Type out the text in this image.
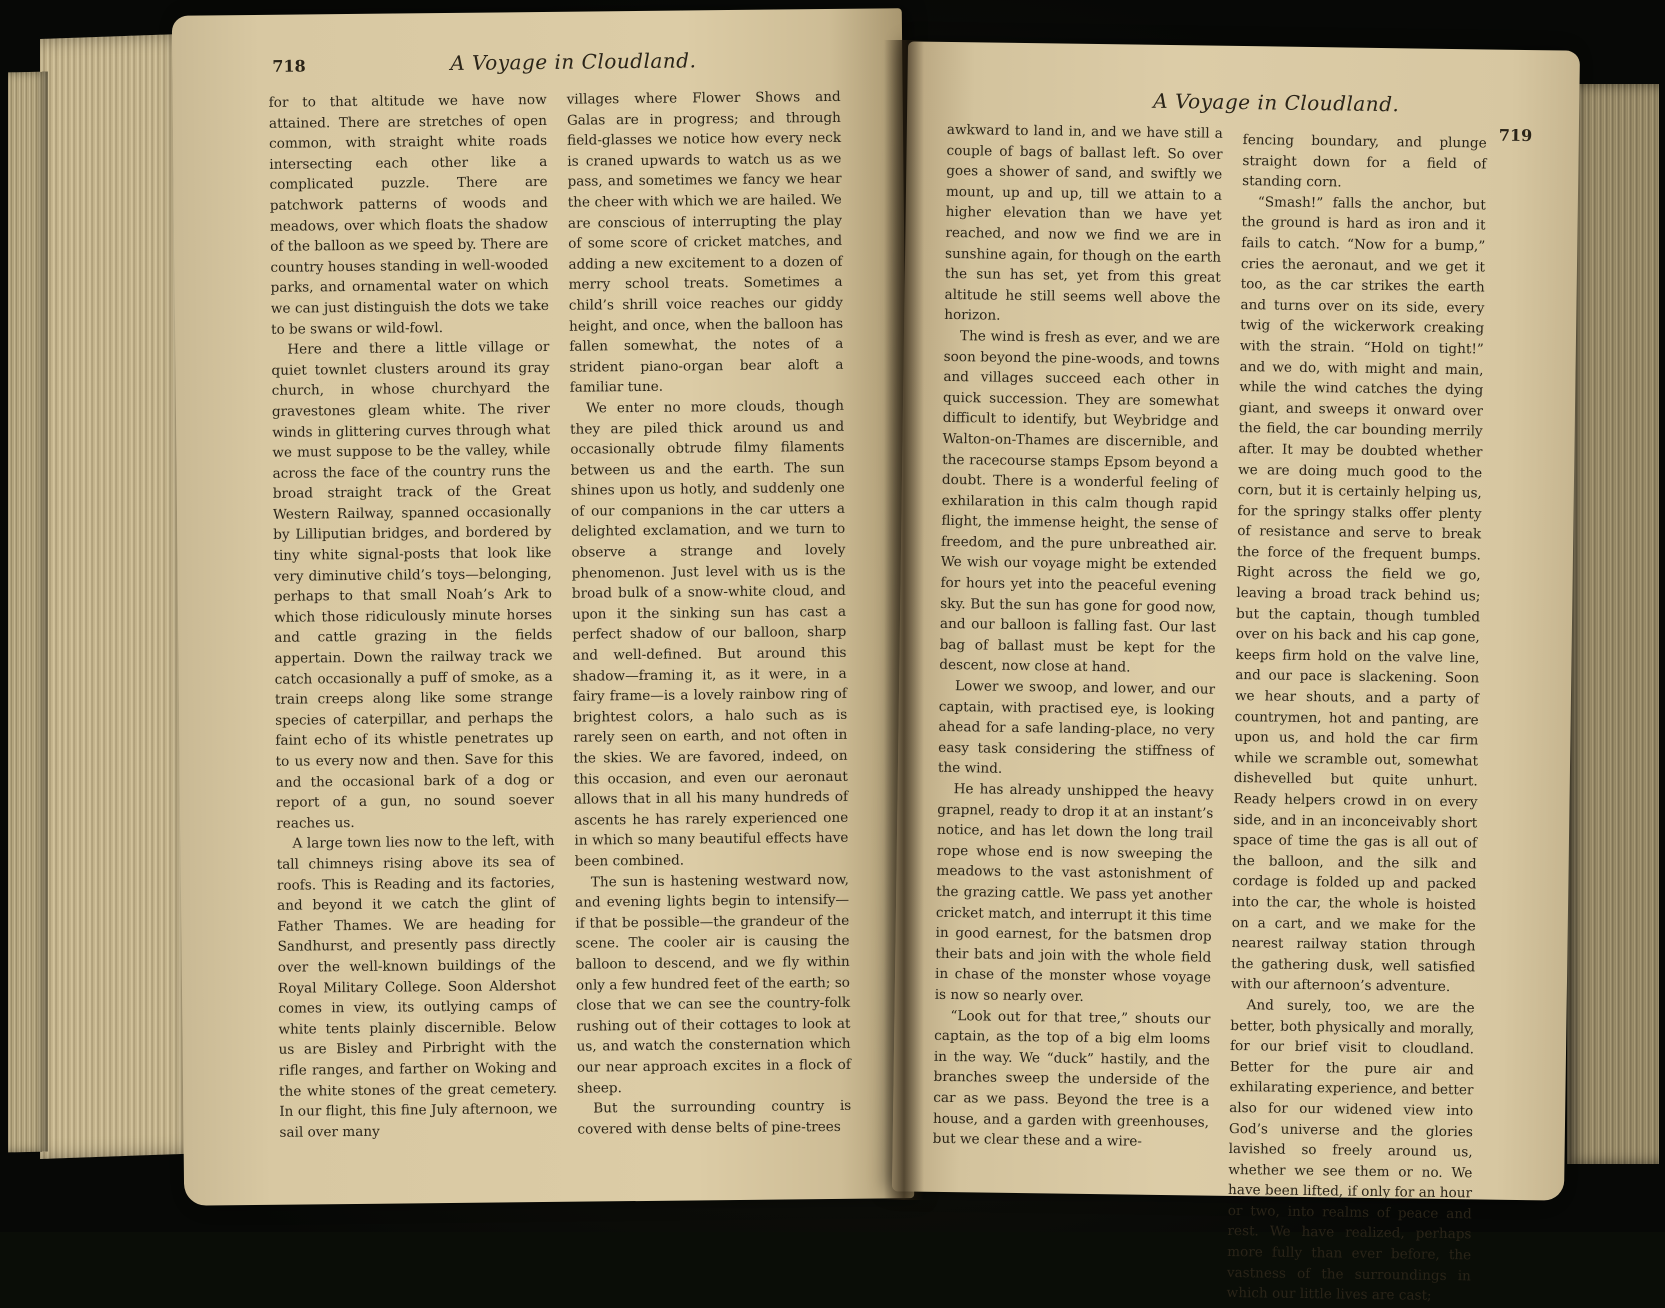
718	A Voyage in Cloudland.

for to that altitude we have now attained. There are stretches of open common, with straight white roads intersecting each other like a complicated puzzle. There are patchwork patterns of woods and meadows, over which floats the shadow of the balloon as we speed by. There are country houses standing in well-wooded parks, and ornamental water on which we can just distinguish the dots we take to be swans or wild-fowl.

Here and there a little village or quiet townlet clusters around its gray church, in whose churchyard the gravestones gleam white. The river winds in glittering curves through what we must suppose to be the valley, while across the face of the country runs the broad straight track of the Great Western Railway, spanned occasionally by Lilliputian bridges, and bordered by tiny white signal-posts that look like very diminutive child’s toys—belonging, perhaps to that small Noah’s Ark to which those ridiculously minute horses and cattle grazing in the fields appertain. Down the railway track we catch occasionally a puff of smoke, as a train creeps along like some strange species of caterpillar, and perhaps the faint echo of its whistle penetrates up to us every now and then. Save for this and the occasional bark of a dog or report of a gun, no sound soever reaches us.

A large town lies now to the left, with tall chimneys rising above its sea of roofs. This is Reading and its factories, and beyond it we catch the glint of Father Thames. We are heading for Sandhurst, and presently pass directly over the well-known buildings of the Royal Military College. Soon Aldershot comes in view, its outlying camps of white tents plainly discernible. Below us are Bisley and Pirbright with the rifle ranges, and farther on Woking and the white stones of the great cemetery. In our flight, this fine July afternoon, we sail over many

villages where Flower Shows and Galas are in progress; and through field-glasses we notice how every neck is craned upwards to watch us as we pass, and sometimes we fancy we hear the cheer with which we are hailed. We are conscious of interrupting the play of some score of cricket matches, and adding a new excitement to a dozen of merry school treats. Sometimes a child’s shrill voice reaches our giddy height, and once, when the balloon has fallen somewhat, the notes of a strident piano-organ bear aloft a familiar tune.

We enter no more clouds, though they are piled thick around us and occasionally obtrude filmy filaments between us and the earth. The sun shines upon us hotly, and suddenly one of our companions in the car utters a delighted exclamation, and we turn to observe a strange and lovely phenomenon. Just level with us is the broad bulk of a snow-white cloud, and upon it the sinking sun has cast a perfect shadow of our balloon, sharp and well-defined. But around this shadow—framing it, as it were, in a fairy frame—is a lovely rainbow ring of brightest colors, a halo such as is rarely seen on earth, and not often in the skies. We are favored, indeed, on this occasion, and even our aeronaut allows that in all his many hundreds of ascents he has rarely experienced one in which so many beautiful effects have been combined.

The sun is hastening westward now, and evening lights begin to intensify—if that be possible—the grandeur of the scene. The cooler air is causing the balloon to descend, and we fly within only a few hundred feet of the earth; so close that we can see the country-folk rushing out of their cottages to look at us, and watch the consternation which our near approach excites in a flock of sheep.

But the surrounding country is covered with dense belts of pine-trees

A Voyage in Cloudland.
719

awkward to land in, and we have still a couple of bags of ballast left. So over goes a shower of sand, and swiftly we mount, up and up, till we attain to a higher elevation than we have yet reached, and now we find we are in sunshine again, for though on the earth the sun has set, yet from this great altitude he still seems well above the horizon.

The wind is fresh as ever, and we are soon beyond the pine-woods, and towns and villages succeed each other in quick succession. They are somewhat difficult to identify, but Weybridge and Walton-on-Thames are discernible, and the racecourse stamps Epsom beyond a doubt. There is a wonderful feeling of exhilaration in this calm though rapid flight, the immense height, the sense of freedom, and the pure unbreathed air. We wish our voyage might be extended for hours yet into the peaceful evening sky. But the sun has gone for good now, and our balloon is falling fast. Our last bag of ballast must be kept for the descent, now close at hand.

Lower we swoop, and lower, and our captain, with practised eye, is looking ahead for a safe landing-place, no very easy task considering the stiffness of the wind.

He has already unshipped the heavy grapnel, ready to drop it at an instant’s notice, and has let down the long trail rope whose end is now sweeping the meadows to the vast astonishment of the grazing cattle. We pass yet another cricket match, and interrupt it this time in good earnest, for the batsmen drop their bats and join with the whole field in chase of the monster whose voyage is now so nearly over.

“Look out for that tree,” shouts our captain, as the top of a big elm looms in the way. We “duck” hastily, and the branches sweep the underside of the car as we pass. Beyond the tree is a house, and a garden with greenhouses, but we clear these and a wire-

fencing boundary, and plunge straight down for a field of standing corn.

“Smash!” falls the anchor, but the ground is hard as iron and it fails to catch. “Now for a bump,” cries the aeronaut, and we get it too, as the car strikes the earth and turns over on its side, every twig of the wickerwork creaking with the strain. “Hold on tight!” and we do, with might and main, while the wind catches the dying giant, and sweeps it onward over the field, the car bounding merrily after. It may be doubted whether we are doing much good to the corn, but it is certainly helping us, for the springy stalks offer plenty of resistance and serve to break the force of the frequent bumps. Right across the field we go, leaving a broad track behind us; but the captain, though tumbled over on his back and his cap gone, keeps firm hold on the valve line, and our pace is slackening. Soon we hear shouts, and a party of countrymen, hot and panting, are upon us, and hold the car firm while we scramble out, somewhat dishevelled but quite unhurt. Ready helpers crowd in on every side, and in an inconceivably short space of time the gas is all out of the balloon, and the silk and cordage is folded up and packed into the car, the whole is hoisted on a cart, and we make for the nearest railway station through the gathering dusk, well satisfied with our afternoon’s adventure.

And surely, too, we are the better, both physically and morally, for our brief visit to cloudland. Better for the pure air and exhilarating experience, and better also for our widened view into God’s universe and the glories lavished so freely around us, whether we see them or no. We have been lifted, if only for an hour or two, into realms of peace and rest. We have realized, perhaps more fully than ever before, the vastness of the surroundings in which our little lives are cast;
